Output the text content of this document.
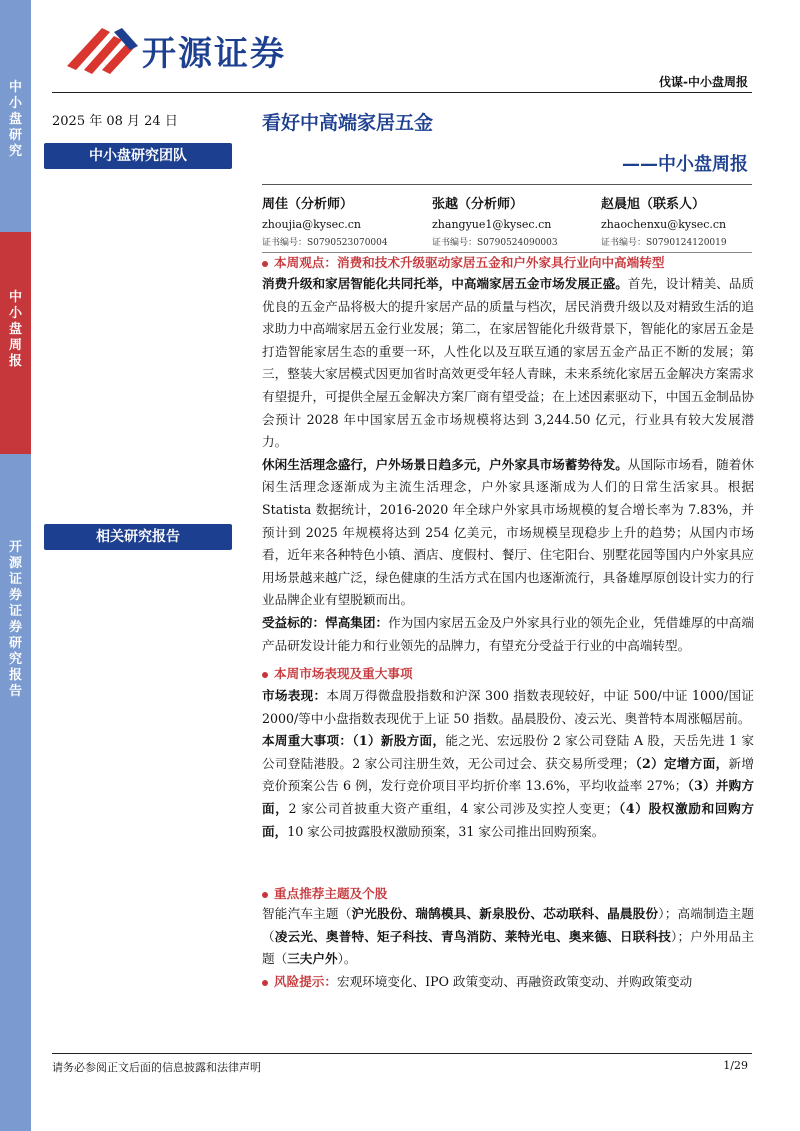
中
小
盘
研
究
中
小
盘
周
报
开
源
证
券
证
券
研
究
报
告
开源证券
伐谋-中小盘周报
2025 年 08 月 24 日	看好中高端家居五金
中小盘研究团队	——中小盘周报
周佳（分析师）
zhoujia@kysec.cn
证书编号：S0790523070004
张越（分析师）
zhangyue1@kysec.cn
证书编号：S0790524090003
赵晨旭（联系人）
zhaochenxu@kysec.cn
证书编号：S0790124120019
相关研究报告
本周观点：消费和技术升级驱动家居五金和户外家具行业向中高端转型
消费升级和家居智能化共同托举，中高端家居五金市场发展正盛。首先，设计精美、品质优良的五金产品将极大的提升家居产品的质量与档次，居民消费升级以及对精致生活的追求助力中高端家居五金行业发展；第二，在家居智能化升级背景下，智能化的家居五金是打造智能家居生态的重要一环，人性化以及互联互通的家居五金产品正不断的发展；第三，整装大家居模式因更加省时高效更受年轻人青睐，未来系统化家居五金解决方案需求有望提升，可提供全屋五金解决方案厂商有望受益；在上述因素驱动下，中国五金制品协会预计 2028 年中国家居五金市场规模将达到 3,244.50 亿元，行业具有较大发展潜力。
休闲生活理念盛行，户外场景日趋多元，户外家具市场蓄势待发。从国际市场看，随着休闲生活理念逐渐成为主流生活理念，户外家具逐渐成为人们的日常生活家具。根据 Statista 数据统计，2016-2020 年全球户外家具市场规模的复合增长率为 7.83%，并预计到 2025 年规模将达到 254 亿美元，市场规模呈现稳步上升的趋势；从国内市场看，近年来各种特色小镇、酒店、度假村、餐厅、住宅阳台、别墅花园等国内户外家具应用场景越来越广泛，绿色健康的生活方式在国内也逐渐流行，具备雄厚原创设计实力的行业品牌企业有望脱颖而出。
受益标的：悍高集团：作为国内家居五金及户外家具行业的领先企业，凭借雄厚的中高端产品研发设计能力和行业领先的品牌力，有望充分受益于行业的中高端转型。
本周市场表现及重大事项
市场表现：本周万得微盘股指数和沪深 300 指数表现较好，中证 500/中证 1000/国证 2000/等中小盘指数表现优于上证 50 指数。晶晨股份、凌云光、奥普特本周涨幅居前。
本周重大事项：（1）新股方面，能之光、宏远股份 2 家公司登陆 A 股，天岳先进 1 家公司登陆港股。2 家公司注册生效，无公司过会、获交易所受理；（2）定增方面，新增竞价预案公告 6 例，发行竞价项目平均折价率 13.6%，平均收益率 27%；（3）并购方面，2 家公司首披重大资产重组，4 家公司涉及实控人变更；（4）股权激励和回购方面，10 家公司披露股权激励预案，31 家公司推出回购预案。
重点推荐主题及个股
智能汽车主题（沪光股份、瑞鹄模具、新泉股份、芯动联科、晶晨股份）；高端制造主题（凌云光、奥普特、矩子科技、青鸟消防、莱特光电、奥来德、日联科技）；户外用品主题（三夫户外）。
风险提示：宏观环境变化、IPO 政策变动、再融资政策变动、并购政策变动
请务必参阅正文后面的信息披露和法律声明	1/29
